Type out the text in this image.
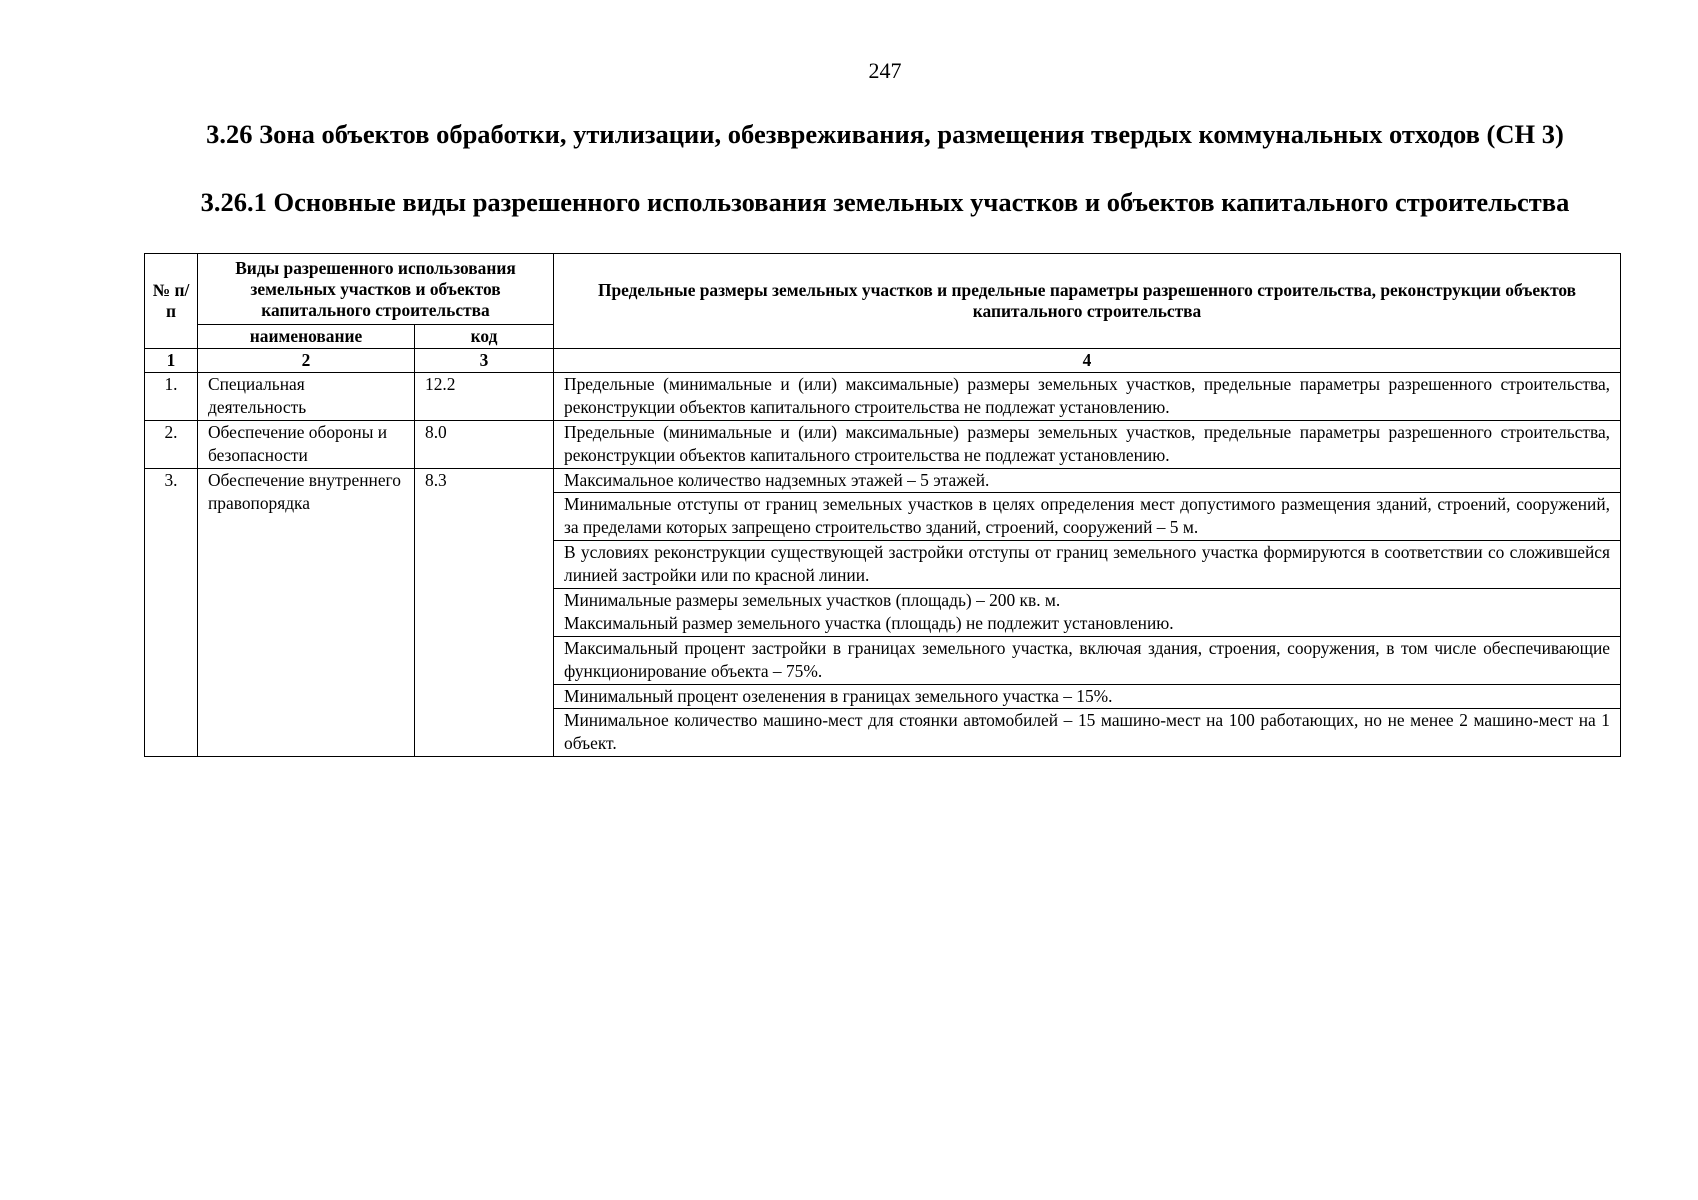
247
3.26 Зона объектов обработки, утилизации, обезвреживания, размещения твердых коммунальных отходов (СН 3)
3.26.1 Основные виды разрешенного использования земельных участков и объектов капитального строительства
№ п/п	Виды разрешенного использования земельных участков и объектов капитального строительства		Предельные размеры земельных участков и предельные параметры разрешенного строительства, реконструкции объектов капитального строительства
	наименование	код	
1	2	3	4
1.	Специальная деятельность	12.2	Предельные (минимальные и (или) максимальные) размеры земельных участков, предельные параметры разрешенного строительства, реконструкции объектов капитального строительства не подлежат установлению.
2.	Обеспечение обороны и безопасности	8.0	Предельные (минимальные и (или) максимальные) размеры земельных участков, предельные параметры разрешенного строительства, реконструкции объектов капитального строительства не подлежат установлению.
3.	Обеспечение внутреннего правопорядка	8.3	Максимальное количество надземных этажей – 5 этажей.
			Минимальные отступы от границ земельных участков в целях определения мест допустимого размещения зданий, строений, сооружений, за пределами которых запрещено строительство зданий, строений, сооружений – 5 м.
			В условиях реконструкции существующей застройки отступы от границ земельного участка формируются в соответствии со сложившейся линией застройки или по красной линии.

			Минимальные размеры земельных участков (площадь) – 200 кв. м.
Максимальный размер земельного участка (площадь) не подлежит установлению.

			Максимальный процент застройки в границах земельного участка, включая здания, строения, сооружения, в том числе обеспечивающие функционирование объекта – 75%.
			Минимальный процент озеленения в границах земельного участка – 15%.
			Минимальное количество машино-мест для стоянки автомобилей – 15 машино-мест на 100 работающих, но не менее 2 машино-мест на 1 объект.
